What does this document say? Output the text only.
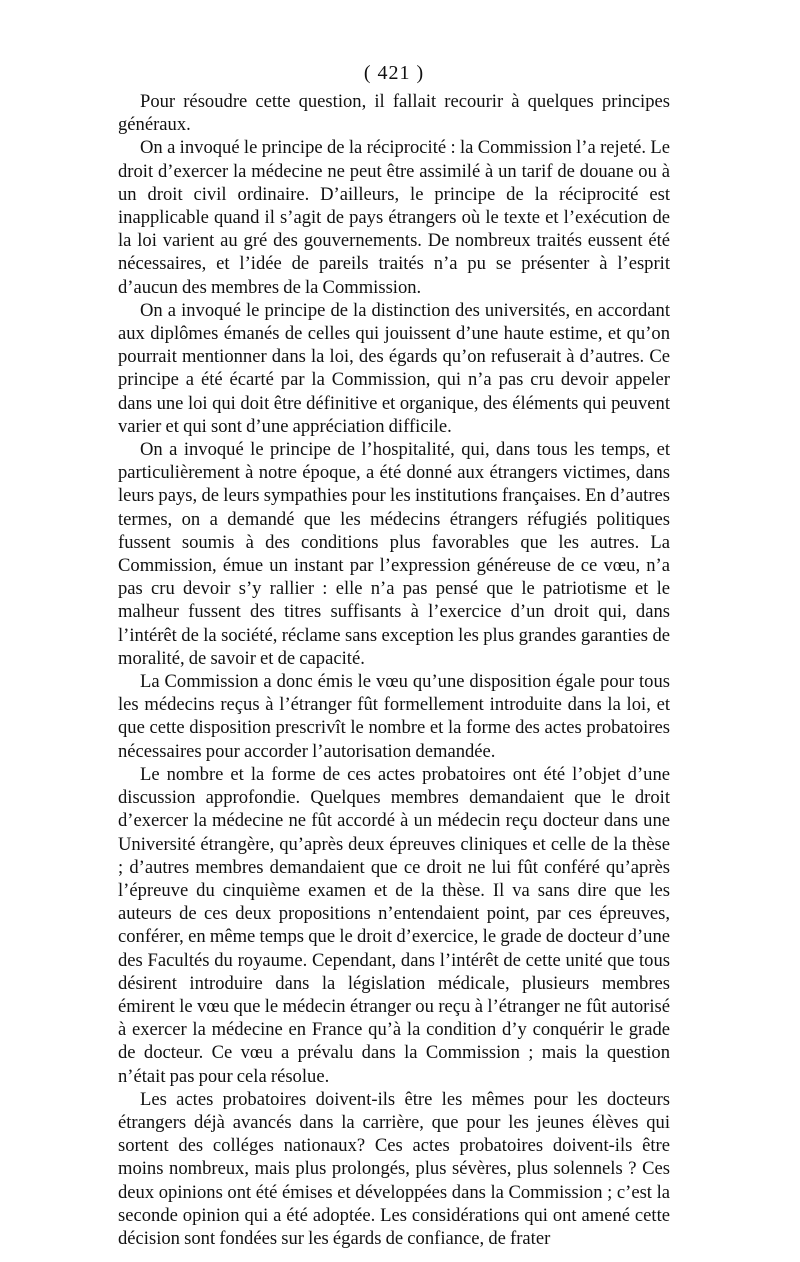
( 421 )

Pour résoudre cette question, il fallait recourir à quelques principes généraux.

On a invoqué le principe de la réciprocité : la Commission l’a rejeté. Le droit d’exercer la médecine ne peut être assimilé à un tarif de douane ou à un droit civil ordinaire. D’ailleurs, le principe de la réciprocité est inapplicable quand il s’agit de pays étrangers où le texte et l’exécution de la loi varient au gré des gouvernements. De nombreux traités eussent été nécessaires, et l’idée de pareils traités n’a pu se présenter à l’esprit d’aucun des membres de la Commission.

On a invoqué le principe de la distinction des universités, en accordant aux diplômes émanés de celles qui jouissent d’une haute estime, et qu’on pourrait mentionner dans la loi, des égards qu’on refuserait à d’autres. Ce principe a été écarté par la Commission, qui n’a pas cru devoir appeler dans une loi qui doit être définitive et organique, des éléments qui peuvent varier et qui sont d’une appréciation difficile.

On a invoqué le principe de l’hospitalité, qui, dans tous les temps, et particulièrement à notre époque, a été donné aux étrangers victimes, dans leurs pays, de leurs sympathies pour les institutions françaises. En d’autres termes, on a demandé que les médecins étrangers réfugiés politiques fussent soumis à des conditions plus favorables que les autres. La Commission, émue un instant par l’expression généreuse de ce vœu, n’a pas cru devoir s’y rallier : elle n’a pas pensé que le patriotisme et le malheur fussent des titres suffisants à l’exercice d’un droit qui, dans l’intérêt de la société, réclame sans exception les plus grandes garanties de moralité, de savoir et de capacité.

La Commission a donc émis le vœu qu’une disposition égale pour tous les médecins reçus à l’étranger fût formellement introduite dans la loi, et que cette disposition prescrivît le nombre et la forme des actes probatoires nécessaires pour accorder l’autorisation demandée.

Le nombre et la forme de ces actes probatoires ont été l’objet d’une discussion approfondie. Quelques membres demandaient que le droit d’exercer la médecine ne fût accordé à un médecin reçu docteur dans une Université étrangère, qu’après deux épreuves cliniques et celle de la thèse ; d’autres membres demandaient que ce droit ne lui fût conféré qu’après l’épreuve du cinquième examen et de la thèse. Il va sans dire que les auteurs de ces deux propositions n’entendaient point, par ces épreuves, conférer, en même temps que le droit d’exercice, le grade de docteur d’une des Facultés du royaume. Cependant, dans l’intérêt de cette unité que tous désirent introduire dans la législation médicale, plusieurs membres émirent le vœu que le médecin étranger ou reçu à l’étranger ne fût autorisé à exercer la médecine en France qu’à la condition d’y conquérir le grade de docteur. Ce vœu a prévalu dans la Commission ; mais la question n’était pas pour cela résolue.

Les actes probatoires doivent-ils être les mêmes pour les docteurs étrangers déjà avancés dans la carrière, que pour les jeunes élèves qui sortent des colléges nationaux? Ces actes probatoires doivent-ils être moins nombreux, mais plus prolongés, plus sévères, plus solennels ? Ces deux opinions ont été émises et développées dans la Commission ; c’est la seconde opinion qui a été adoptée. Les considérations qui ont amené cette décision sont fondées sur les égards de confiance, de frater
